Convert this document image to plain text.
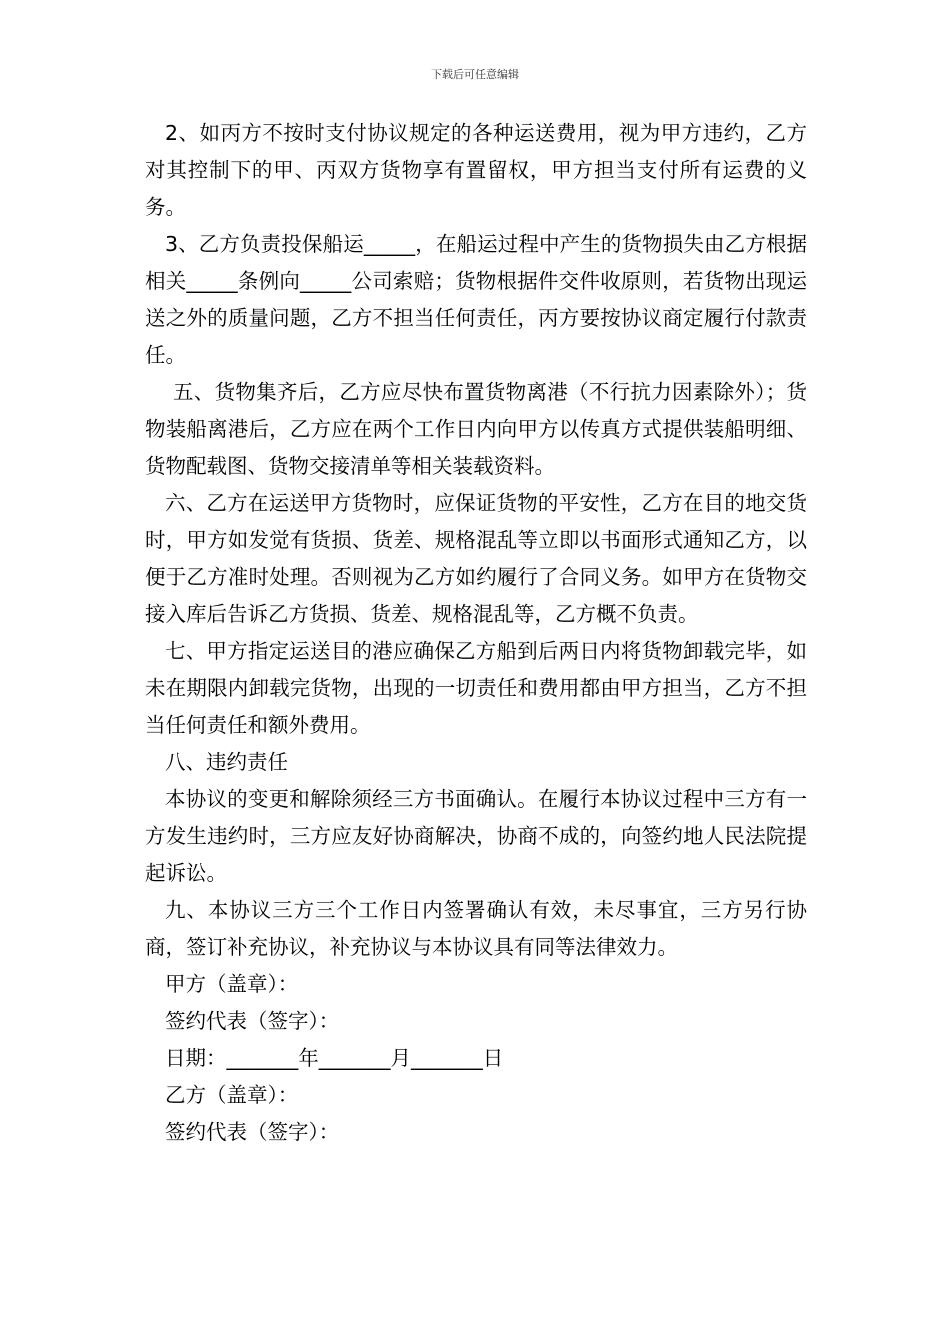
下载后可任意编辑

2、如丙方不按时支付协议规定的各种运送费用，视为甲方违约，乙方对其控制下的甲、丙双方货物享有置留权，甲方担当支付所有运费的义务。

3、乙方负责投保船运_____，在船运过程中产生的货物损失由乙方根据相关_____条例向_____公司索赔；货物根据件交件收原则，若货物出现运送之外的质量问题，乙方不担当任何责任，丙方要按协议商定履行付款责任。

五、货物集齐后，乙方应尽快布置货物离港（不行抗力因素除外）；货物装船离港后，乙方应在两个工作日内向甲方以传真方式提供装船明细、货物配载图、货物交接清单等相关装载资料。

六、乙方在运送甲方货物时，应保证货物的平安性，乙方在目的地交货时，甲方如发觉有货损、货差、规格混乱等立即以书面形式通知乙方，以便于乙方准时处理。否则视为乙方如约履行了合同义务。如甲方在货物交接入库后告诉乙方货损、货差、规格混乱等，乙方概不负责。

七、甲方指定运送目的港应确保乙方船到后两日内将货物卸载完毕，如未在期限内卸载完货物，出现的一切责任和费用都由甲方担当，乙方不担当任何责任和额外费用。

八、违约责任

本协议的变更和解除须经三方书面确认。在履行本协议过程中三方有一方发生违约时，三方应友好协商解决，协商不成的，向签约地人民法院提起诉讼。

九、本协议三方三个工作日内签署确认有效，未尽事宜，三方另行协商，签订补充协议，补充协议与本协议具有同等法律效力。

甲方（盖章）：

签约代表（签字）：

日期：_______年_______月_______日

乙方（盖章）：

签约代表（签字）：
